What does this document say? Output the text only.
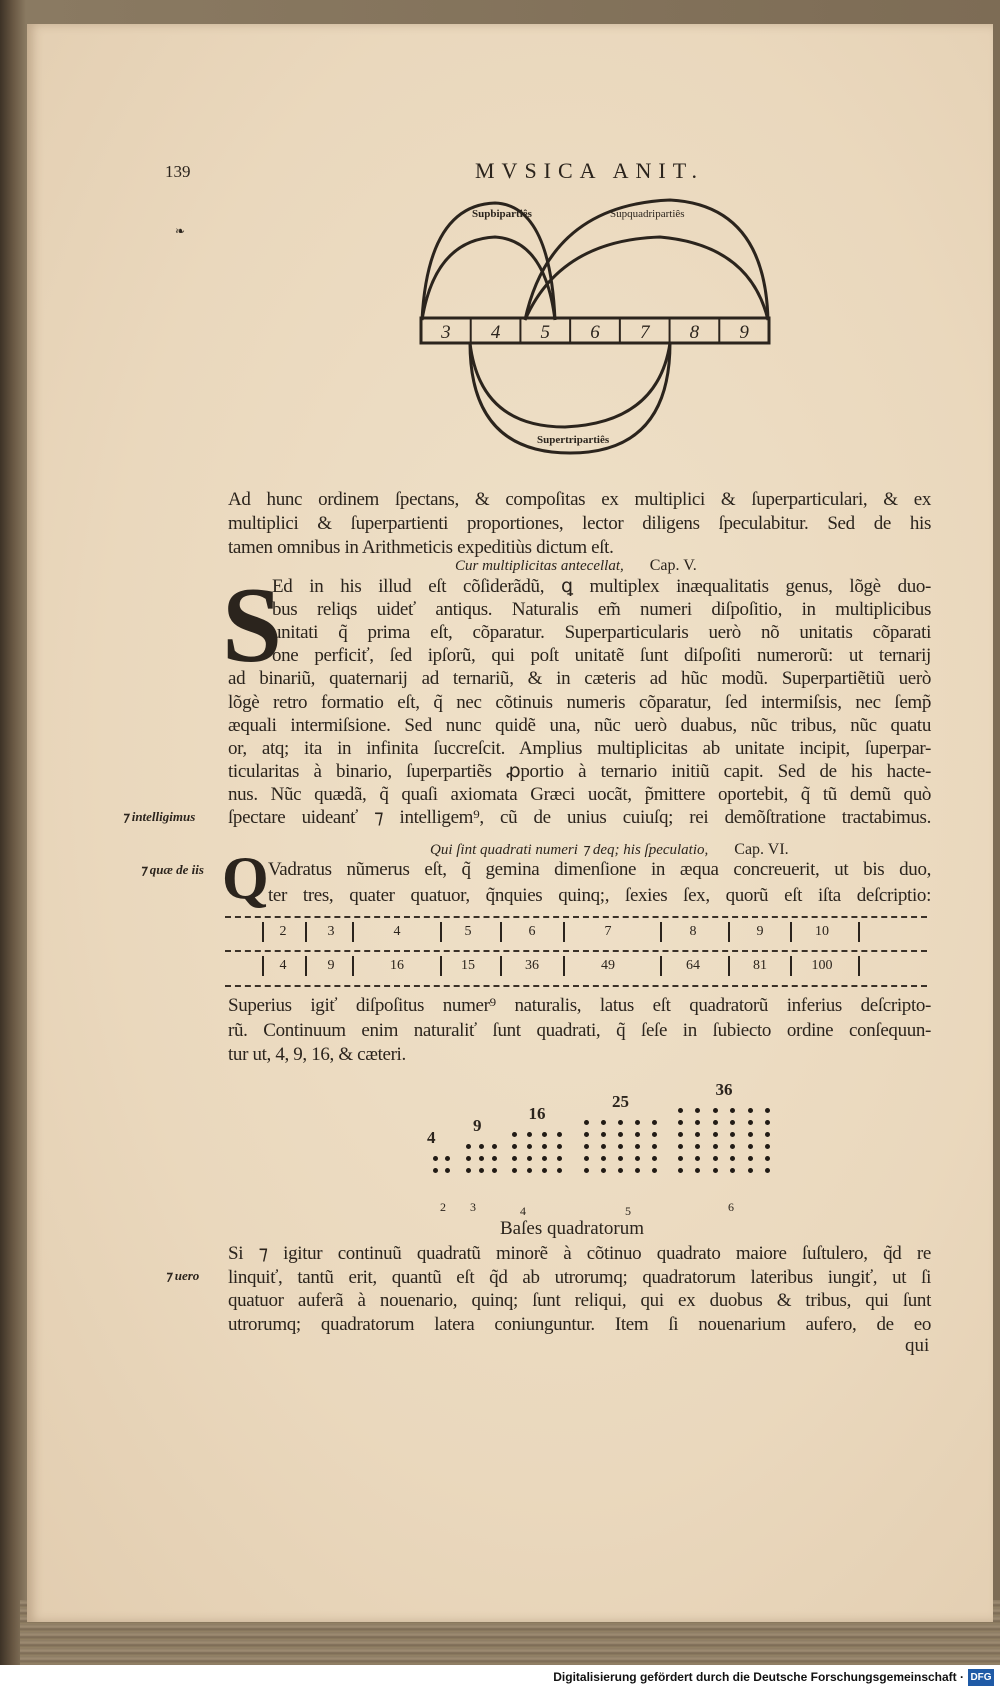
139	MVSICA ANIT.
❧
3 4 5 6 7 8 9
Supbipartiês	Supquadripartiês
Supertripartiês
Ad hunc ordinem ſpectans, & compoſitas ex multiplici & ſuperparticulari, & ex
multiplici & ſuperpartienti proportiones, lector diligens ſpeculabitur. Sed de his
tamen omnibus in Arithmeticis expeditiùs dictum eſt.
Cur multiplicitas antecellat, Cap. V.
S
Ed in his illud eſt cõſiderãdũ, ꝗ multiplex inæqualitatis genus, lõgè duo-
bus reliqs uideť antiqus. Naturalis em̃ numeri diſpoſitio, in multiplicibus
unitati q̃ prima eſt, cõparatur. Superparticularis uerò nõ unitatis cõparati
one perficiť, ſed ipſorũ, qui poſt unitatẽ ſunt diſpoſiti numerorũ: ut ternarij
ad binariũ, quaternarij ad ternariũ, & in cæteris ad hũc modũ. Superpartiẽtiũ uerò
lõgè retro formatio eſt, q̃ nec cõtinuis numeris cõparatur, ſed intermiſsis, nec ſemp̃
æquali intermiſsione. Sed nunc quidẽ una, nũc uerò duabus, nũc tribus, nũc quatu
or, atq; ita in infinita ſuccreſcit. Amplius multiplicitas ab unitate incipit, ſuperpar-
ticularitas à binario, ſuperpartiẽs ꝓportio à ternario initiũ capit. Sed de his hacte-
nus. Nũc quædã, q̃ quaſi axiomata Græci uocãt, p̃mittere oportebit, q̃ tũ demũ quò
ſpectare uideanť ⁊ intelligem⁹, cũ de unius cuiuſq; rei demõſtratione tractabimus.
⁊ intelligimus
Qui ſint quadrati numeri ⁊ deq; his ſpeculatio, Cap. VI.
⁊ quæ de iis Q Vadratus nũmerus eſt, q̃ gemina dimenſione in æqua concreuerit, ut bis duo,
ter tres, quater quatuor, q̃nquies quinq;, ſexies ſex, quorũ eſt iſta deſcriptio:
2	3	4	5	6	7	8	9	10
4	9	16	15	36	49	64	81	100
Superius igiť diſpoſitus numer⁹ naturalis, latus eſt quadratorũ inferius deſcripto-
rũ. Continuum enim naturaliť ſunt quadrati, q̃ ſeſe in ſubiecto ordine conſequun-
tur ut, 4, 9, 16, & cæteri.
4
2
9
3
16
4
25
5
36
6
Baſes quadratorum
Si ⁊ igitur continuũ quadratũ minorẽ à cõtinuo quadrato maiore ſuſtulero, q̃d re
linquiť, tantũ erit, quantũ eſt q̃d ab utrorumq; quadratorum lateribus iungiť, ut ſi
quatuor auferã à nouenario, quinq; ſunt reliqui, qui ex duobus & tribus, qui ſunt
utrorumq; quadratorum latera coniunguntur. Item ſi nouenarium aufero, de eo
⁊ uero
qui
Digitalisierung gefördert durch die Deutsche Forschungsgemeinschaft · DFG
